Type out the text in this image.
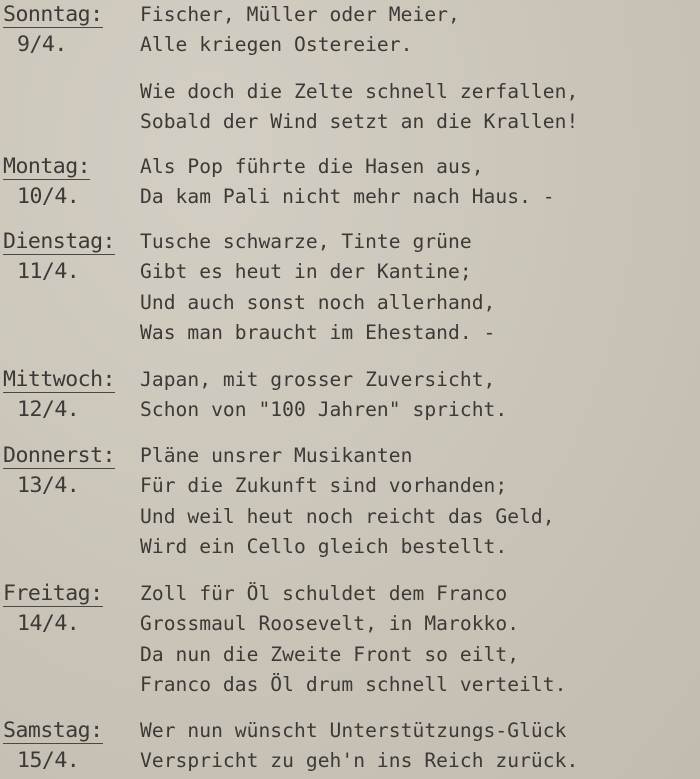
Sonntag:
9/4.
Fischer, Müller oder Meier,
Alle kriegen Ostereier.
Wie doch die Zelte schnell zerfallen,
Sobald der Wind setzt an die Krallen!
Montag:
10/4.
Als Pop führte die Hasen aus,
Da kam Pali nicht mehr nach Haus. -
Dienstag:
11/4.
Tusche schwarze, Tinte grüne
Gibt es heut in der Kantine;
Und auch sonst noch allerhand,
Was man braucht im Ehestand. -
Mittwoch:
12/4.
Japan, mit grosser Zuversicht,
Schon von "100 Jahren" spricht.
Donnerst:
13/4.
Pläne unsrer Musikanten
Für die Zukunft sind vorhanden;
Und weil heut noch reicht das Geld,
Wird ein Cello gleich bestellt.
Freitag:
14/4.
Zoll für Öl schuldet dem Franco
Grossmaul Roosevelt, in Marokko.
Da nun die Zweite Front so eilt,
Franco das Öl drum schnell verteilt.
Samstag:
15/4.
Wer nun wünscht Unterstützungs-Glück
Verspricht zu geh'n ins Reich zurück.
